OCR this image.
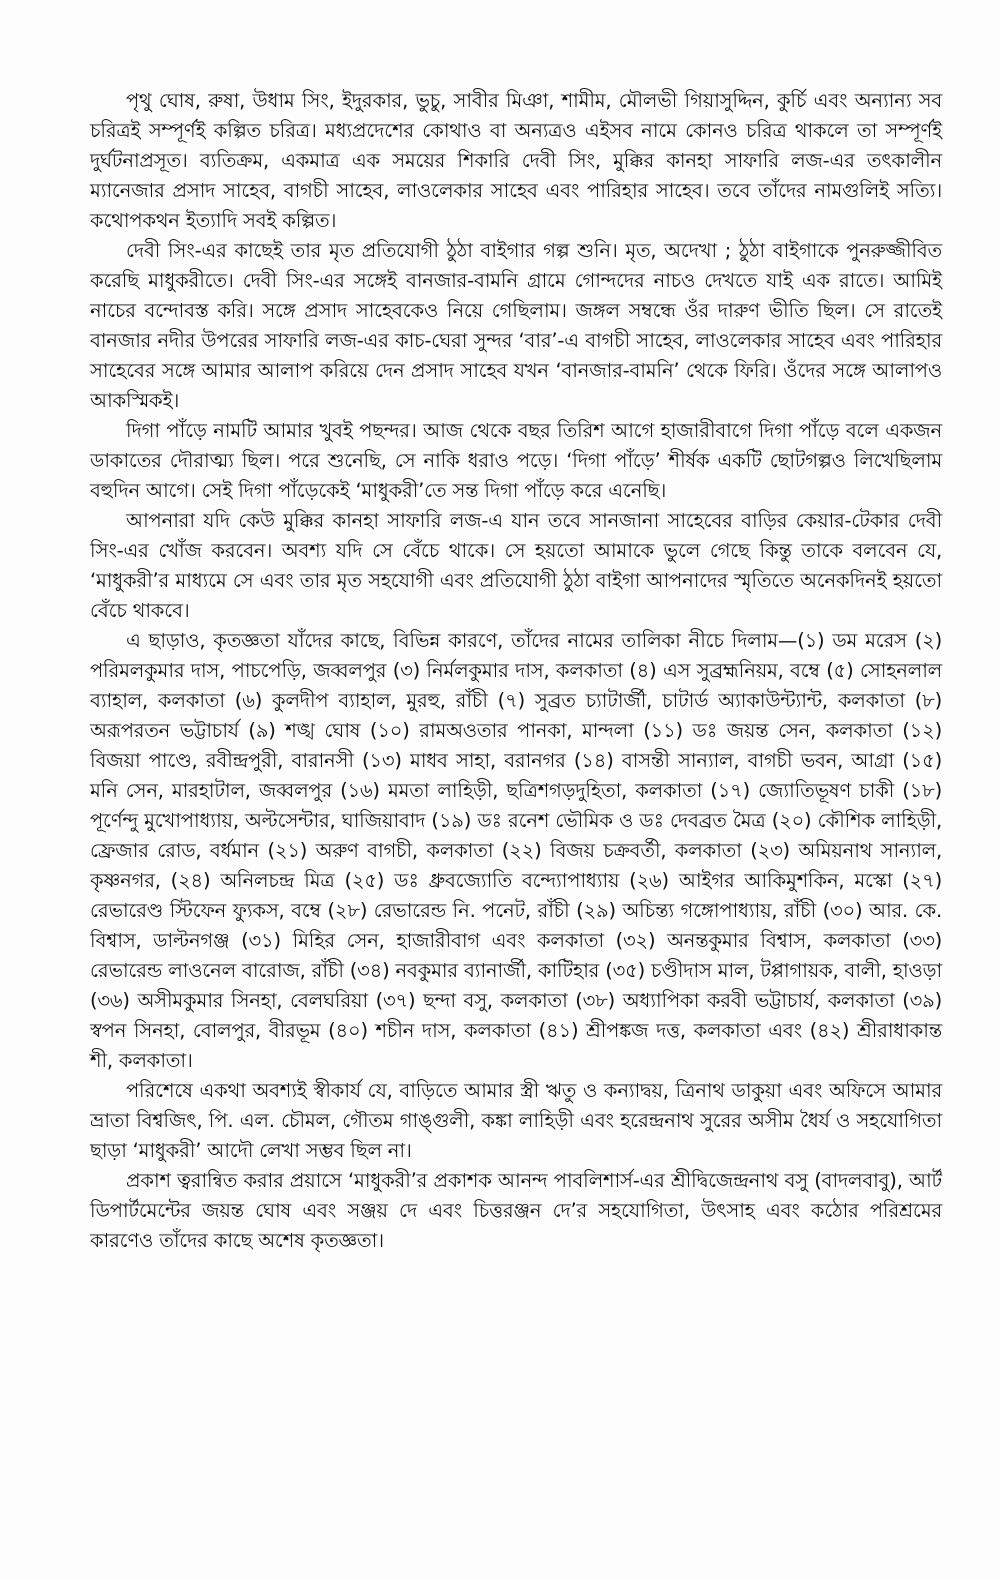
পৃথু ঘোষ, রুষা, উধাম সিং, ইদুরকার, ভুচু, সাবীর মিঞা, শামীম, মৌলভী গিয়াসুদ্দিন, কুর্চি এবং অন্যান্য সব চরিত্রই সম্পূর্ণই কল্পিত চরিত্র। মধ্যপ্রদেশের কোথাও বা অন্যত্রও এইসব নামে কোনও চরিত্র থাকলে তা সম্পূর্ণই দুর্ঘটনাপ্রসূত। ব্যতিক্রম, একমাত্র এক সময়ের শিকারি দেবী সিং, মুক্কির কানহা সাফারি লজ-এর তৎকালীন ম্যানেজার প্রসাদ সাহেব, বাগচী সাহেব, লাওলেকার সাহেব এবং পারিহার সাহেব। তবে তাঁদের নামগুলিই সত্যি। কথোপকথন ইত্যাদি সবই কল্পিত।

দেবী সিং-এর কাছেই তার মৃত প্রতিযোগী ঠুঠা বাইগার গল্প শুনি। মৃত, অদেখা ; ঠুঠা বাইগাকে পুনরুজ্জীবিত করেছি মাধুকরীতে। দেবী সিং-এর সঙ্গেই বানজার-বামনি গ্রামে গোন্দদের নাচও দেখতে যাই এক রাতে। আমিই নাচের বন্দোবস্ত করি। সঙ্গে প্রসাদ সাহেবকেও নিয়ে গেছিলাম। জঙ্গল সম্বন্ধে ওঁর দারুণ ভীতি ছিল। সে রাতেই বানজার নদীর উপরের সাফারি লজ-এর কাচ-ঘেরা সুন্দর ‘বার’-এ বাগচী সাহেব, লাওলেকার সাহেব এবং পারিহার সাহেবের সঙ্গে আমার আলাপ করিয়ে দেন প্রসাদ সাহেব যখন ‘বানজার-বামনি’ থেকে ফিরি। ওঁদের সঙ্গে আলাপও আকস্মিকই।

দিগা পাঁড়ে নামটি আমার খুবই পছন্দর। আজ থেকে বছর তিরিশ আগে হাজারীবাগে দিগা পাঁড়ে বলে একজন ডাকাতের দৌরাত্ম্য ছিল। পরে শুনেছি, সে নাকি ধরাও পড়ে। ‘দিগা পাঁড়ে’ শীর্ষক একটি ছোটগল্পও লিখেছিলাম বহুদিন আগে। সেই দিগা পাঁড়েকেই ‘মাধুকরী’তে সন্ত দিগা পাঁড়ে করে এনেছি।

আপনারা যদি কেউ মুক্কির কানহা সাফারি লজ-এ যান তবে সানজানা সাহেবের বাড়ির কেয়ার-টেকার দেবী সিং-এর খোঁজ করবেন। অবশ্য যদি সে বেঁচে থাকে। সে হয়তো আমাকে ভুলে গেছে কিন্তু তাকে বলবেন যে, ‘মাধুকরী’র মাধ্যমে সে এবং তার মৃত সহযোগী এবং প্রতিযোগী ঠুঠা বাইগা আপনাদের স্মৃতিতে অনেকদিনই হয়তো বেঁচে থাকবে।

এ ছাড়াও, কৃতজ্ঞতা যাঁদের কাছে, বিভিন্ন কারণে, তাঁদের নামের তালিকা নীচে দিলাম—(১) ডম মরেস (২) পরিমলকুমার দাস, পাচপেড়ি, জব্বলপুর (৩) নির্মলকুমার দাস, কলকাতা (৪) এস সুব্রহ্মনিয়ম, বম্বে (৫) সোহনলাল ব্যাহাল, কলকাতা (৬) কুলদীপ ব্যাহাল, মুরহু, রাঁচী (৭) সুব্রত চ্যাটার্জী, চাটার্ড অ্যাকাউন্ট্যান্ট, কলকাতা (৮) অরূপরতন ভট্টাচার্য (৯) শঙ্খ ঘোষ (১০) রামঅওতার পানকা, মান্দলা (১১) ডঃ জয়ন্ত সেন, কলকাতা (১২) বিজয়া পাণ্ডে, রবীন্দ্রপুরী, বারানসী (১৩) মাধব সাহা, বরানগর (১৪) বাসন্তী সান্যাল, বাগচী ভবন, আগ্রা (১৫) মনি সেন, মারহাটাল, জব্বলপুর (১৬) মমতা লাহিড়ী, ছত্রিশগড়দুহিতা, কলকাতা (১৭) জ্যোতিভূষণ চাকী (১৮) পূর্ণেন্দু মুখোপাধ্যায়, অল্টসেন্টার, ঘাজিয়াবাদ (১৯) ডঃ রনেশ ভৌমিক ও ডঃ দেবব্রত মৈত্র (২০) কৌশিক লাহিড়ী, ফ্রেজার রোড, বর্ধমান (২১) অরুণ বাগচী, কলকাতা (২২) বিজয় চক্রবর্তী, কলকাতা (২৩) অমিয়নাথ সান্যাল, কৃষ্ণনগর, (২৪) অনিলচন্দ্র মিত্র (২৫) ডঃ ধ্রুবজ্যোতি বন্দ্যোপাধ্যায় (২৬) আইগর আকিমুশকিন, মস্কো (২৭) রেভারেণ্ড স্টিফেন ফ্যুকস, বম্বে (২৮) রেভারেন্ড নি. পনেট, রাঁচী (২৯) অচিন্ত্য গঙ্গোপাধ্যায়, রাঁচী (৩০) আর. কে. বিশ্বাস, ডাল্টনগঞ্জ (৩১) মিহির সেন, হাজারীবাগ এবং কলকাতা (৩২) অনন্তকুমার বিশ্বাস, কলকাতা (৩৩) রেভারেন্ড লাওনেল বারোজ, রাঁচী (৩৪) নবকুমার ব্যানার্জী, কাটিহার (৩৫) চণ্ডীদাস মাল, টপ্পাগায়ক, বালী, হাওড়া (৩৬) অসীমকুমার সিনহা, বেলঘরিয়া (৩৭) ছন্দা বসু, কলকাতা (৩৮) অধ্যাপিকা করবী ভট্টাচার্য, কলকাতা (৩৯) স্বপন সিনহা, বোলপুর, বীরভূম (৪০) শচীন দাস, কলকাতা (৪১) শ্রীপঙ্কজ দত্ত, কলকাতা এবং (৪২) শ্রীরাধাকান্ত শী, কলকাতা।

পরিশেষে একথা অবশ্যই স্বীকার্য যে, বাড়িতে আমার স্ত্রী ঋতু ও কন্যাদ্বয়, ত্রিনাথ ডাকুয়া এবং অফিসে আমার ভ্রাতা বিশ্বজিৎ, পি. এল. চৌমল, গৌতম গাঙ্গুলী, কঙ্কা লাহিড়ী এবং হরেন্দ্রনাথ সুরের অসীম ধৈর্য ও সহযোগিতা ছাড়া ‘মাধুকরী’ আদৌ লেখা সম্ভব ছিল না।

প্রকাশ ত্বরান্বিত করার প্রয়াসে ‘মাধুকরী’র প্রকাশক আনন্দ পাবলিশার্স-এর শ্রীদ্বিজেন্দ্রনাথ বসু (বাদলবাবু), আর্ট ডিপার্টমেন্টের জয়ন্ত ঘোষ এবং সঞ্জয় দে এবং চিত্তরঞ্জন দে’র সহযোগিতা, উৎসাহ এবং কঠোর পরিশ্রমের কারণেও তাঁদের কাছে অশেষ কৃতজ্ঞতা।
